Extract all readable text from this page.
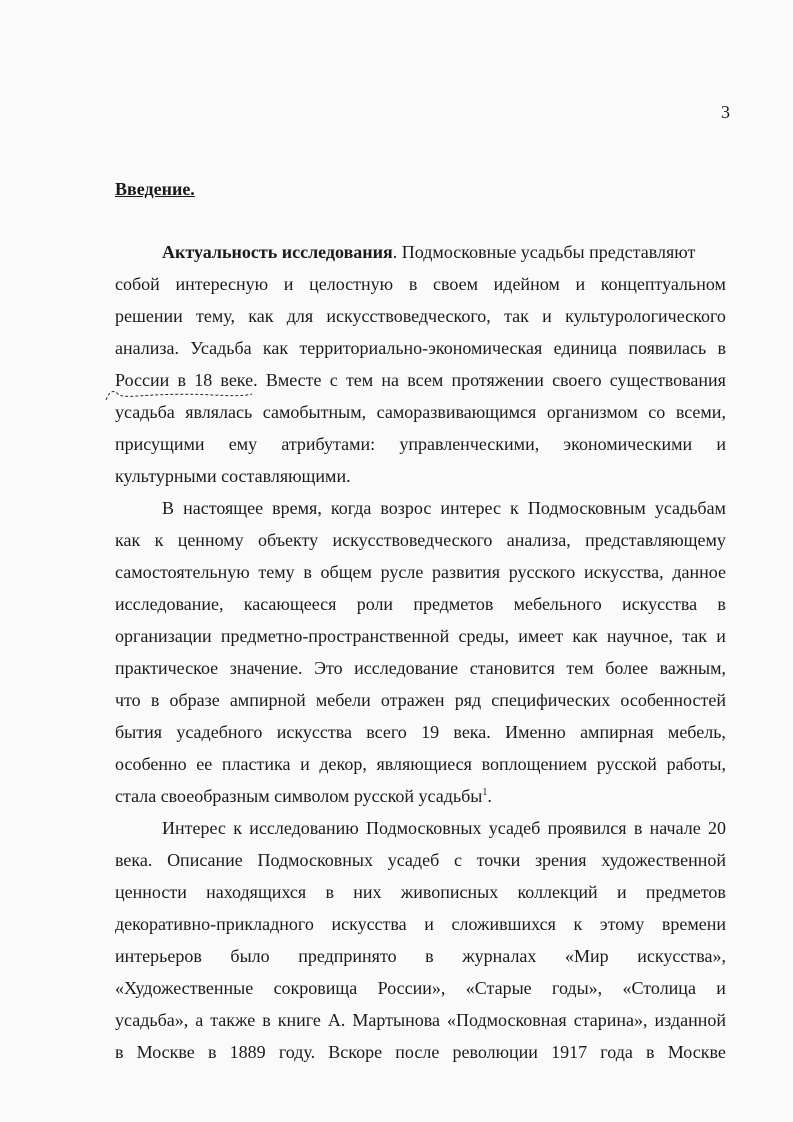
3
Введение.
Актуальность исследования . Подмосковные усадьбы представляют
собой интересную и целостную в своем идейном и концептуальном
решении тему, как для искусствоведческого, так и культурологического
анализа. Усадьба как территориально-экономическая единица появилась в
России в 18 веке. Вместе с тем на всем протяжении своего существования
усадьба являлась самобытным, саморазвивающимся организмом со всеми,
присущими ему атрибутами: управленческими, экономическими и
культурными составляющими.
В настоящее время, когда возрос интерес к Подмосковным усадьбам
как к ценному объекту искусствоведческого анализа, представляющему
самостоятельную тему в общем русле развития русского искусства, данное
исследование, касающееся роли предметов мебельного искусства в
организации предметно-пространственной среды, имеет как научное, так и
практическое значение. Это исследование становится тем более важным,
что в образе ампирной мебели отражен ряд специфических особенностей
бытия усадебного искусства всего 19 века. Именно ампирная мебель,
особенно ее пластика и декор, являющиеся воплощением русской работы,
стала своеобразным символом русской усадьбы$^1$.
Интерес к исследованию Подмосковных усадеб проявился в начале 20
века. Описание Подмосковных усадеб с точки зрения художественной
ценности находящихся в них живописных коллекций и предметов
декоративно-прикладного искусства и сложившихся к этому времени
интерьеров было предпринято в журналах «Мир искусства»,
«Художественные сокровища России», «Старые годы», «Столица и
усадьба», а также в книге А. Мартынова «Подмосковная старина», изданной
в Москве в 1889 году. Вскоре после революции 1917 года в Москве
